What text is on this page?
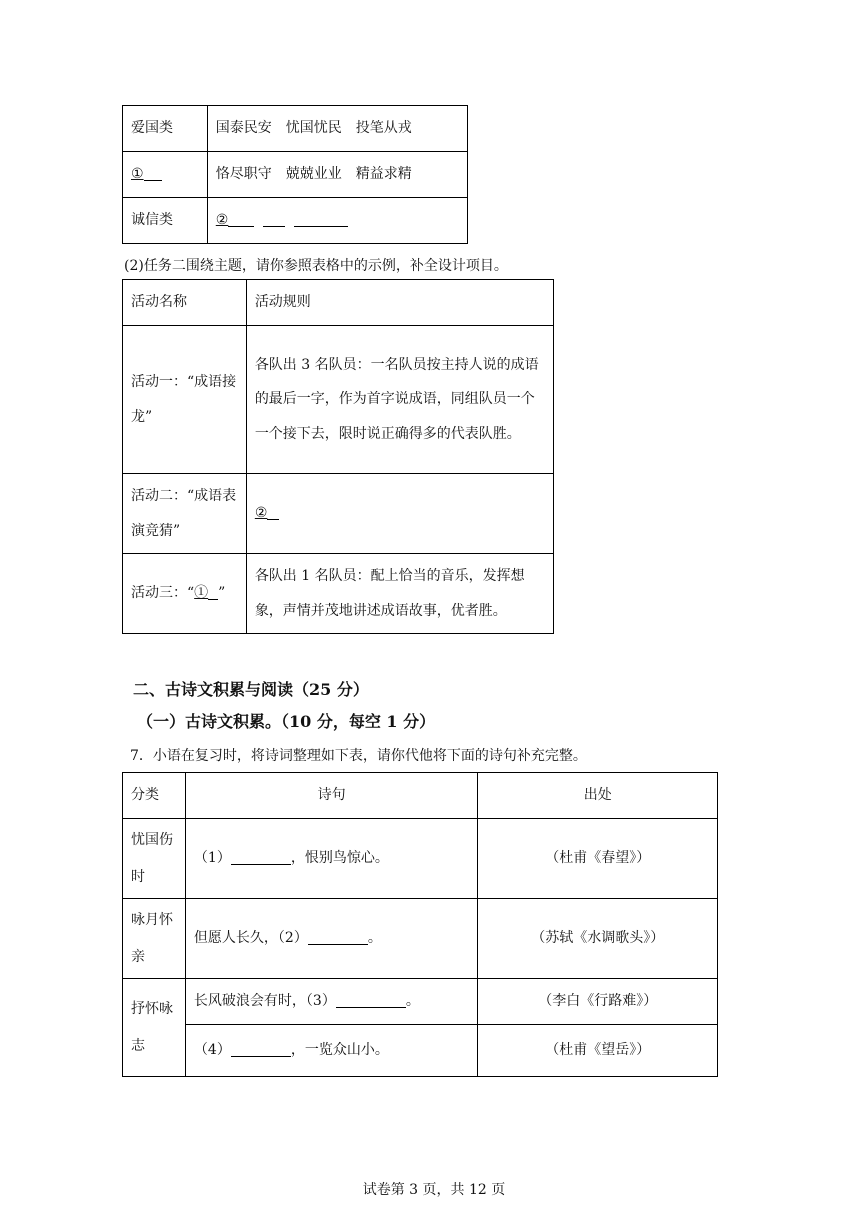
爱国类	国泰民安　忧国忧民　投笔从戎
①	恪尽职守　兢兢业业　精益求精
诚信类	②
(2)任务二围绕主题，请你参照表格中的示例，补全设计项目。
活动名称	活动规则
活动一：“成语接龙”	各队出 3 名队员：一名队员按主持人说的成语的最后一字，作为首字说成语，同组队员一个一个接下去，限时说正确得多的代表队胜。
活动二：“成语表演竞猜”	②
活动三：“① ”	各队出 1 名队员：配上恰当的音乐，发挥想象，声情并茂地讲述成语故事，优者胜。
二、古诗文积累与阅读（25 分）
（一）古诗文积累。（10 分，每空 1 分）
7．小语在复习时，将诗词整理如下表，请你代他将下面的诗句补充完整。
分类	诗句	出处
忧国伤时	（1） ，恨别鸟惊心。	（杜甫《春望》）
咏月怀亲	但愿人长久，（2） 。	（苏轼《水调歌头》）
抒怀咏志	长风破浪会有时，（3） 。	（李白《行路难》）
	（4） ，一览众山小。	（杜甫《望岳》）
试卷第 3 页，共 12 页
